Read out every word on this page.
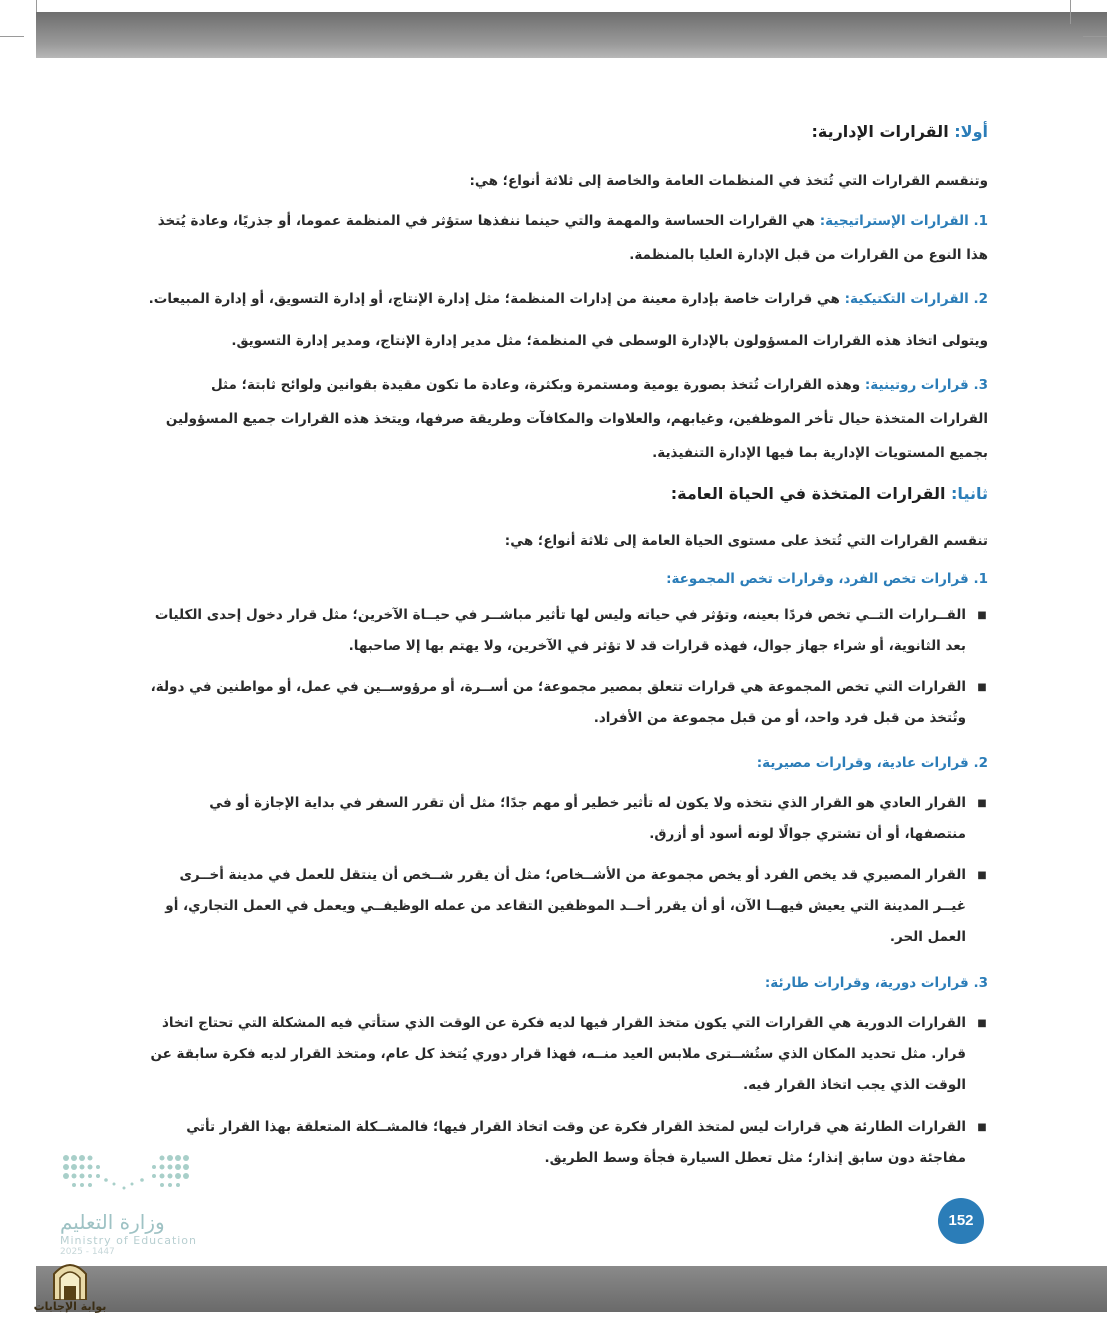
أولا: القرارات الإدارية:
وتنقسم القرارات التي تُتخذ في المنظمات العامة والخاصة إلى ثلاثة أنواع؛ هي:
1. القرارات الإستراتيجية: هي القرارات الحساسة والمهمة والتي حينما ننفذها ستؤثر في المنظمة عموما، أو جذريًا، وعادة يُتخذ هذا النوع من القرارات من قبل الإدارة العليا بالمنظمة.
2. القرارات التكتيكية: هي قرارات خاصة بإدارة معينة من إدارات المنظمة؛ مثل إدارة الإنتاج، أو إدارة التسويق، أو إدارة المبيعات.
ويتولى اتخاذ هذه القرارات المسؤولون بالإدارة الوسطى في المنظمة؛ مثل مدير إدارة الإنتاج، ومدير إدارة التسويق.
3. قرارات روتينية: وهذه القرارات تُتخذ بصورة يومية ومستمرة وبكثرة، وعادة ما تكون مقيدة بقوانين ولوائح ثابتة؛ مثل القرارات المتخذة حيال تأخر الموظفين، وغيابهم، والعلاوات والمكافآت وطريقة صرفها، ويتخذ هذه القرارات جميع المسؤولين بجميع المستويات الإدارية بما فيها الإدارة التنفيذية.
ثانيا: القرارات المتخذة في الحياة العامة:
تنقسم القرارات التي تُتخذ على مستوى الحياة العامة إلى ثلاثة أنواع؛ هي:
1. قرارات تخص الفرد، وقرارات تخص المجموعة:
■
القــرارات التــي تخص فردًا بعينه، وتؤثر في حياته وليس لها تأثير مباشــر في حيــاة الآخرين؛ مثل قرار دخول إحدى الكليات بعد الثانوية، أو شراء جهاز جوال، فهذه قرارات قد لا تؤثر في الآخرين، ولا يهتم بها إلا صاحبها.
■
القرارات التي تخص المجموعة هي قرارات تتعلق بمصير مجموعة؛ من أســرة، أو مرؤوســين في عمل، أو مواطنين في دولة، وتُتخذ من قبل فرد واحد، أو من قبل مجموعة من الأفراد.
2. قرارات عادية، وقرارات مصيرية:
■
القرار العادي هو القرار الذي نتخذه ولا يكون له تأثير خطير أو مهم جدًا؛ مثل أن تقرر السفر في بداية الإجازة أو في منتصفها، أو أن تشتري جوالًا لونه أسود أو أزرق.
■
القرار المصيري قد يخص الفرد أو يخص مجموعة من الأشــخاص؛ مثل أن يقرر شــخص أن ينتقل للعمل في مدينة أخــرى غيــر المدينة التي يعيش فيهــا الآن، أو أن يقرر أحــد الموظفين التقاعد من عمله الوظيفــي ويعمل في العمل التجاري، أو العمل الحر.
3. قرارات دورية، وقرارات طارئة:
■
القرارات الدورية هي القرارات التي يكون متخذ القرار فيها لديه فكرة عن الوقت الذي ستأتي فيه المشكلة التي تحتاج اتخاذ قرار. مثل تحديد المكان الذي ستُشــترى ملابس العيد منــه، فهذا قرار دوري يُتخذ كل عام، ومتخذ القرار لديه فكرة سابقة عن الوقت الذي يجب اتخاذ القرار فيه.
■
القرارات الطارئة هي قرارات ليس لمتخذ القرار فكرة عن وقت اتخاذ القرار فيها؛ فالمشــكلة المتعلقة بهذا القرار تأتي مفاجئة دون سابق إنذار؛ مثل تعطل السيارة فجأة وسط الطريق.
152
وزارة التعليم
Ministry of Education
2025 - 1447
بوابة الإجابات
